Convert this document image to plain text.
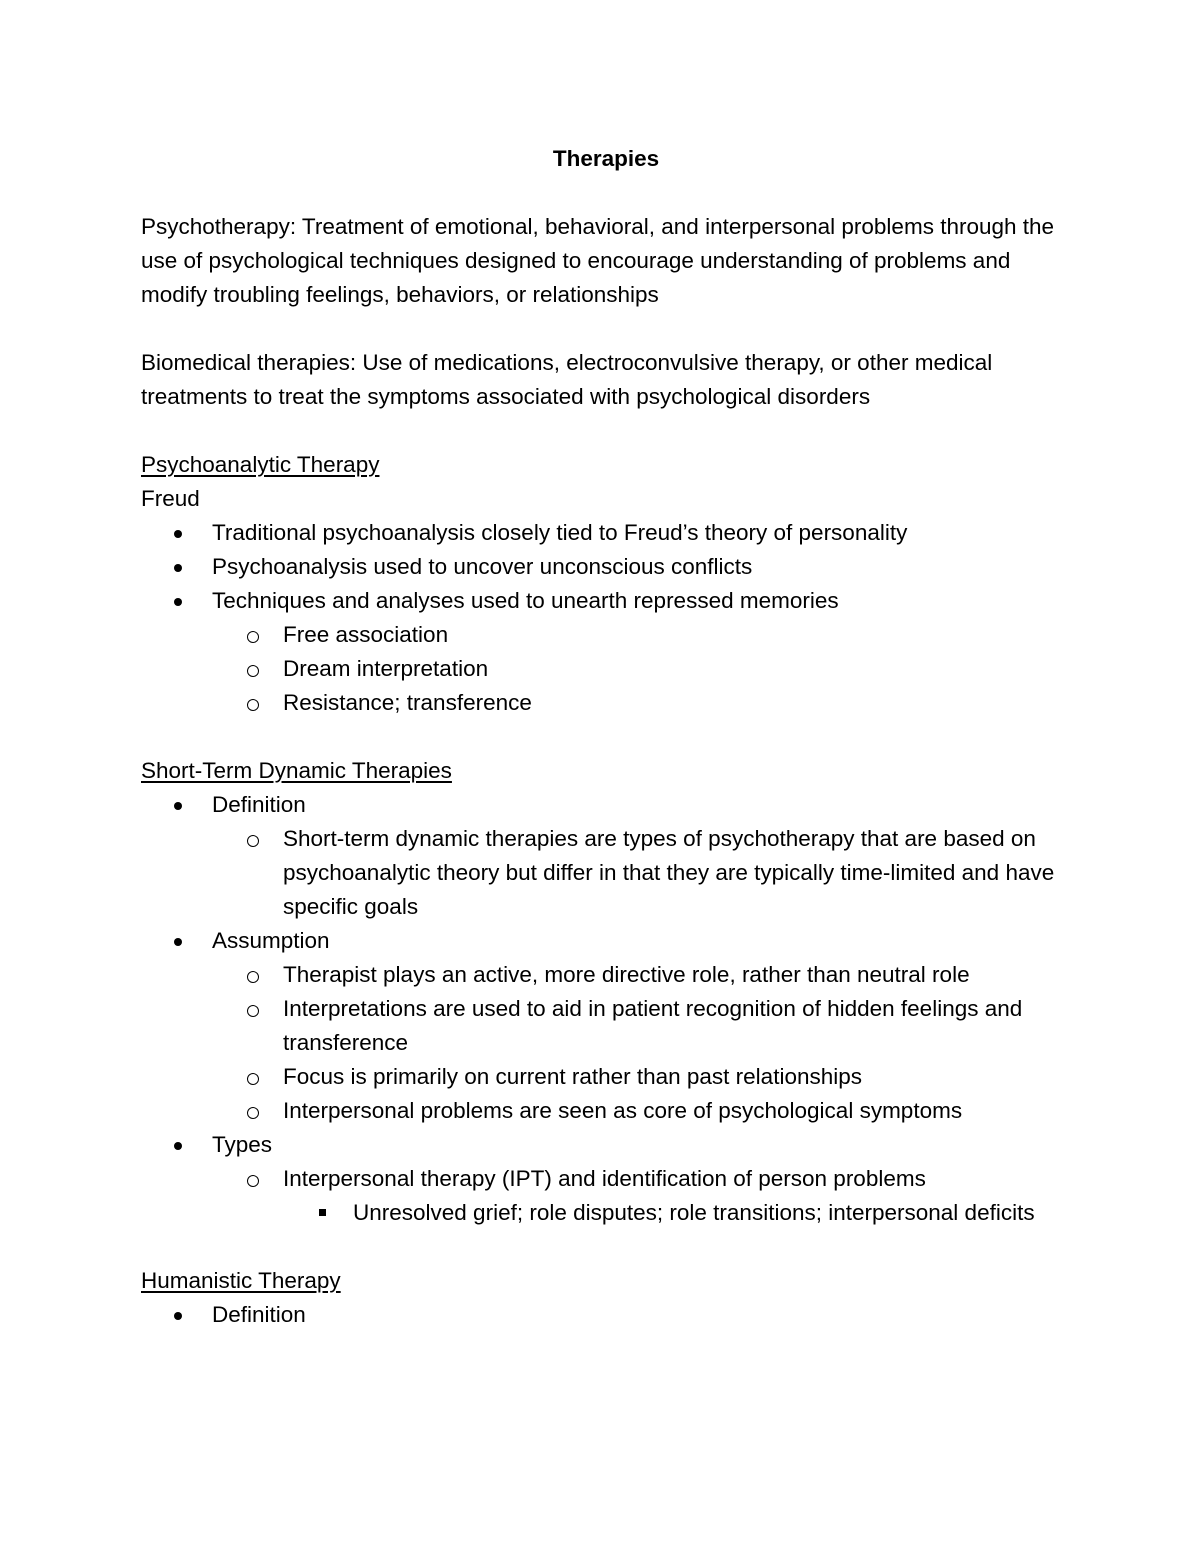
Therapies

Psychotherapy: Treatment of emotional, behavioral, and interpersonal problems through the use of psychological techniques designed to encourage understanding of problems and modify troubling feelings, behaviors, or relationships

Biomedical therapies: Use of medications, electroconvulsive therapy, or other medical treatments to treat the symptoms associated with psychological disorders

Psychoanalytic Therapy

Freud

Traditional psychoanalysis closely tied to Freud’s theory of personality
Psychoanalysis used to uncover unconscious conflicts
Techniques and analyses used to unearth repressed memories
Free association
Dream interpretation
Resistance; transference

Short-Term Dynamic Therapies

Definition
Short-term dynamic therapies are types of psychotherapy that are based on psychoanalytic theory but differ in that they are typically time-limited and have specific goals
Assumption
Therapist plays an active, more directive role, rather than neutral role
Interpretations are used to aid in patient recognition of hidden feelings and transference
Focus is primarily on current rather than past relationships
Interpersonal problems are seen as core of psychological symptoms
Types
Interpersonal therapy (IPT) and identification of person problems
Unresolved grief; role disputes; role transitions; interpersonal deficits

Humanistic Therapy

Definition
